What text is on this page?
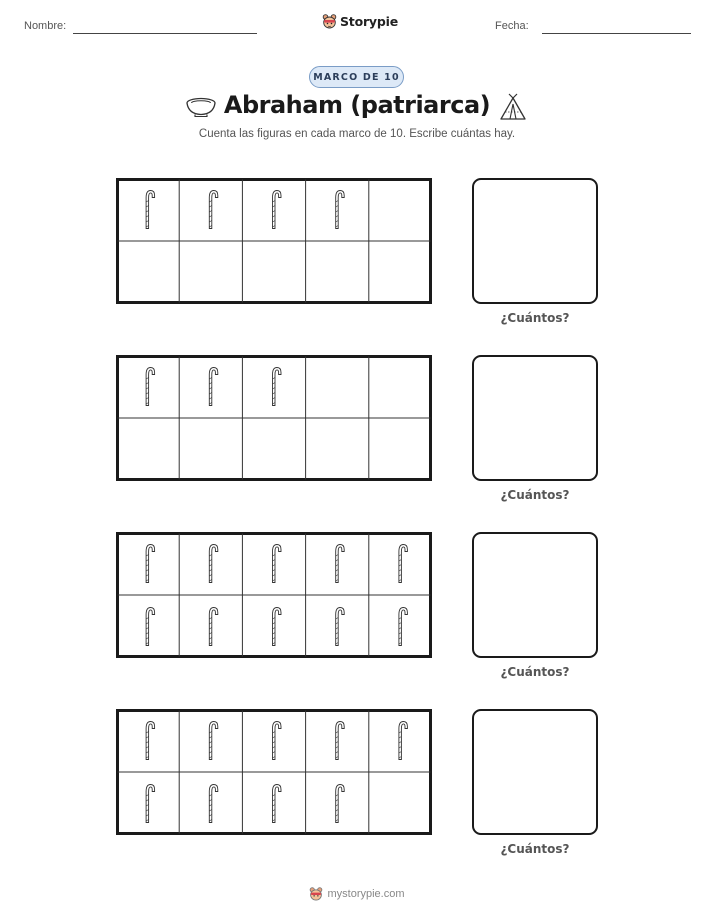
Nombre:	Storypie	Fecha:
MARCO DE 10
Abraham (patriarca)
Cuenta las figuras en cada marco de 10. Escribe cuántas hay.
¿Cuántos?
¿Cuántos?
¿Cuántos?
¿Cuántos?
mystorypie.com
